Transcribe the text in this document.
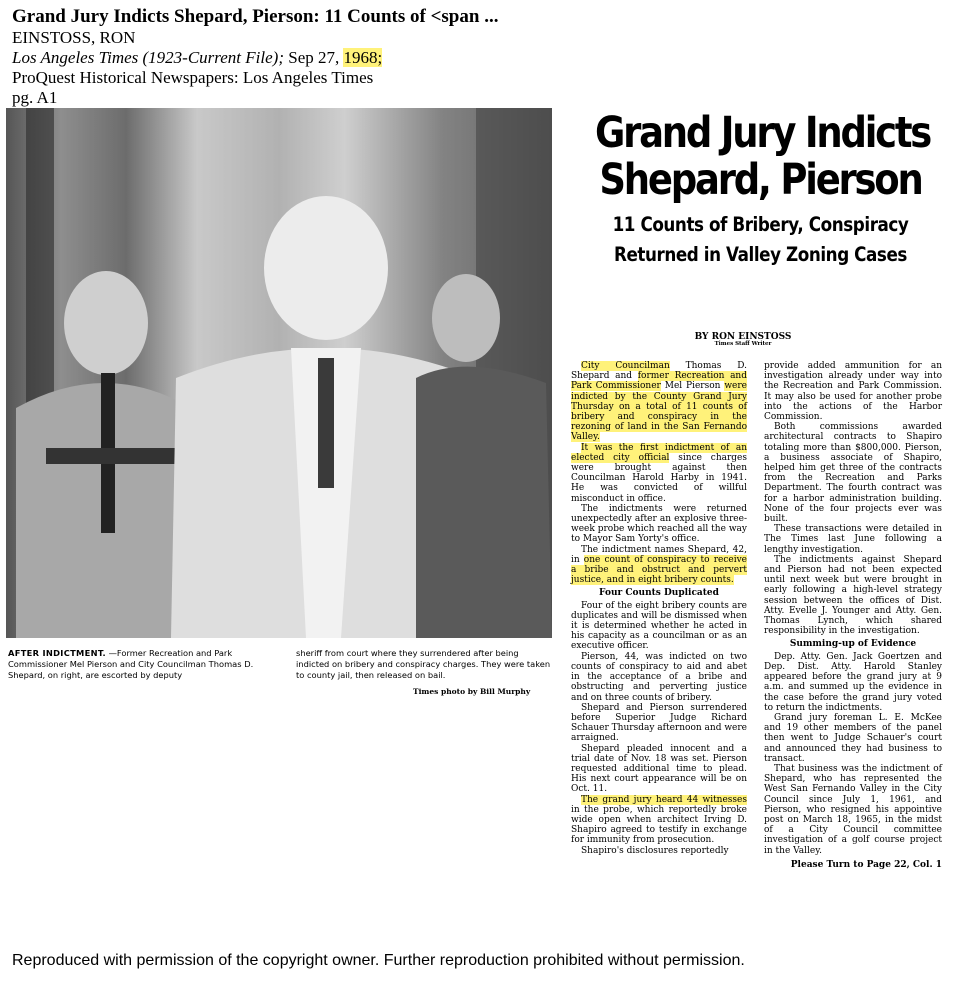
Grand Jury Indicts Shepard, Pierson: 11 Counts of <span ...
EINSTOSS, RON
Los Angeles Times (1923-Current File); Sep 27, 1968;
ProQuest Historical Newspapers: Los Angeles Times
pg. A1
AFTER INDICTMENT. —Former Recreation and Park Commissioner Mel Pierson and City Councilman Thomas D. Shepard, on right, are escorted by deputy
sheriff from court where they surrendered after being indicted on bribery and conspiracy charges. They were taken to county jail, then released on bail.
Times photo by Bill Murphy
Grand Jury Indicts
Shepard, Pierson
11 Counts of Bribery, Conspiracy
Returned in Valley Zoning Cases
BY RON EINSTOSS
Times Staff Writer

City Councilman Thomas D. Shepard and former Recreation and Park Commissioner Mel Pierson were indicted by the County Grand Jury Thursday on a total of 11 counts of bribery and conspiracy in the rezoning of land in the San Fernando Valley.

It was the first indictment of an elected city official since charges were brought against then Councilman Harold Harby in 1941. He was convicted of willful misconduct in office.

The indictments were returned unexpectedly after an explosive three-week probe which reached all the way to Mayor Sam Yorty's office.

The indictment names Shepard, 42, in one count of conspiracy to receive a bribe and obstruct and pervert justice, and in eight bribery counts.

Four Counts Duplicated

Four of the eight bribery counts are duplicates and will be dismissed when it is determined whether he acted in his capacity as a councilman or as an executive officer.

Pierson, 44, was indicted on two counts of conspiracy to aid and abet in the acceptance of a bribe and obstructing and perverting justice and on three counts of bribery.

Shepard and Pierson surrendered before Superior Judge Richard Schauer Thursday afternoon and were arraigned.

Shepard pleaded innocent and a trial date of Nov. 18 was set. Pierson requested additional time to plead. His next court appearance will be on Oct. 11.

The grand jury heard 44 witnesses in the probe, which reportedly broke wide open when architect Irving D. Shapiro agreed to testify in exchange for immunity from prosecution.

Shapiro's disclosures reportedly

provide added ammunition for an investigation already under way into the Recreation and Park Commission. It may also be used for another probe into the actions of the Harbor Commission.

Both commissions awarded architectural contracts to Shapiro totaling more than $800,000. Pierson, a business associate of Shapiro, helped him get three of the contracts from the Recreation and Parks Department. The fourth contract was for a harbor administration building. None of the four projects ever was built.

These transactions were detailed in The Times last June following a lengthy investigation.

The indictments against Shepard and Pierson had not been expected until next week but were brought in early following a high-level strategy session between the offices of Dist. Atty. Evelle J. Younger and Atty. Gen. Thomas Lynch, which shared responsibility in the investigation.

Summing-up of Evidence

Dep. Atty. Gen. Jack Goertzen and Dep. Dist. Atty. Harold Stanley appeared before the grand jury at 9 a.m. and summed up the evidence in the case before the grand jury voted to return the indictments.

Grand jury foreman L. E. McKee and 19 other members of the panel then went to Judge Schauer's court and announced they had business to transact.

That business was the indictment of Shepard, who has represented the West San Fernando Valley in the City Council since July 1, 1961, and Pierson, who resigned his appointive post on March 18, 1965, in the midst of a City Council committee investigation of a golf course project in the Valley.

Please Turn to Page 22, Col. 1

Reproduced with permission of the copyright owner. Further reproduction prohibited without permission.
